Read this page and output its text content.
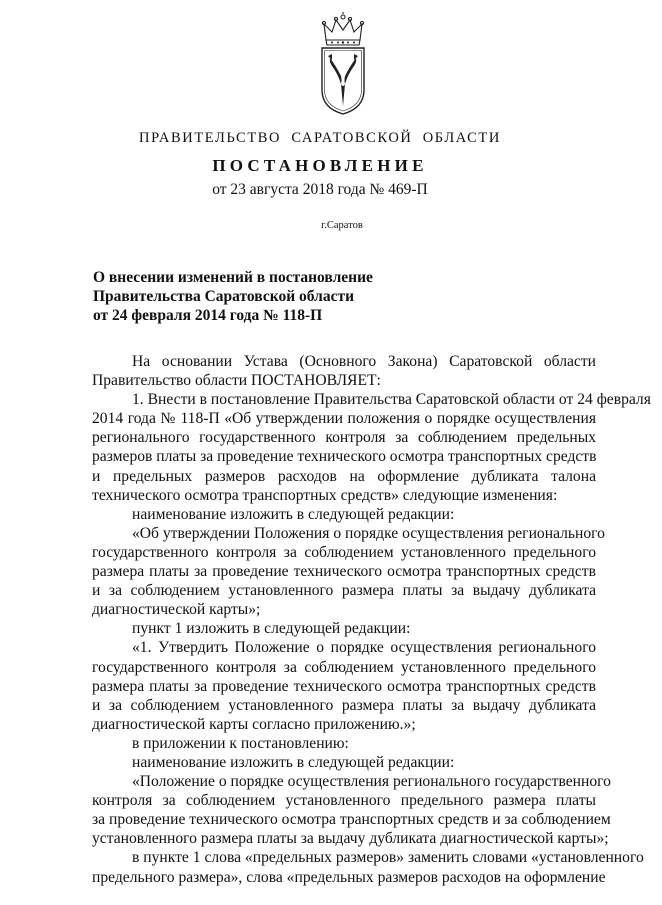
ПРАВИТЕЛЬСТВО САРАТОВСКОЙ ОБЛАСТИ
ПОСТАНОВЛЕНИЕ
от 23 августа 2018 года № 469-П
г.Саратов
О внесении изменений в постановление
Правительства Саратовской области
от 24 февраля 2014 года № 118-П
На основании Устава (Основного Закона) Саратовской области
Правительство области ПОСТАНОВЛЯЕТ:
1. Внести в постановление Правительства Саратовской области от 24 февраля
2014 года № 118-П «Об утверждении положения о порядке осуществления
регионального государственного контроля за соблюдением предельных
размеров платы за проведение технического осмотра транспортных средств
и предельных размеров расходов на оформление дубликата талона
технического осмотра транспортных средств» следующие изменения:
наименование изложить в следующей редакции:
«Об утверждении Положения о порядке осуществления регионального
государственного контроля за соблюдением установленного предельного
размера платы за проведение технического осмотра транспортных средств
и за соблюдением установленного размера платы за выдачу дубликата
диагностической карты»;
пункт 1 изложить в следующей редакции:
«1. Утвердить Положение о порядке осуществления регионального
государственного контроля за соблюдением установленного предельного
размера платы за проведение технического осмотра транспортных средств
и за соблюдением установленного размера платы за выдачу дубликата
диагностической карты согласно приложению.»;
в приложении к постановлению:
наименование изложить в следующей редакции:
«Положение о порядке осуществления регионального государственного
контроля за соблюдением установленного предельного размера платы
за проведение технического осмотра транспортных средств и за соблюдением
установленного размера платы за выдачу дубликата диагностической карты»;
в пункте 1 слова «предельных размеров» заменить словами «установленного
предельного размера», слова «предельных размеров расходов на оформление
